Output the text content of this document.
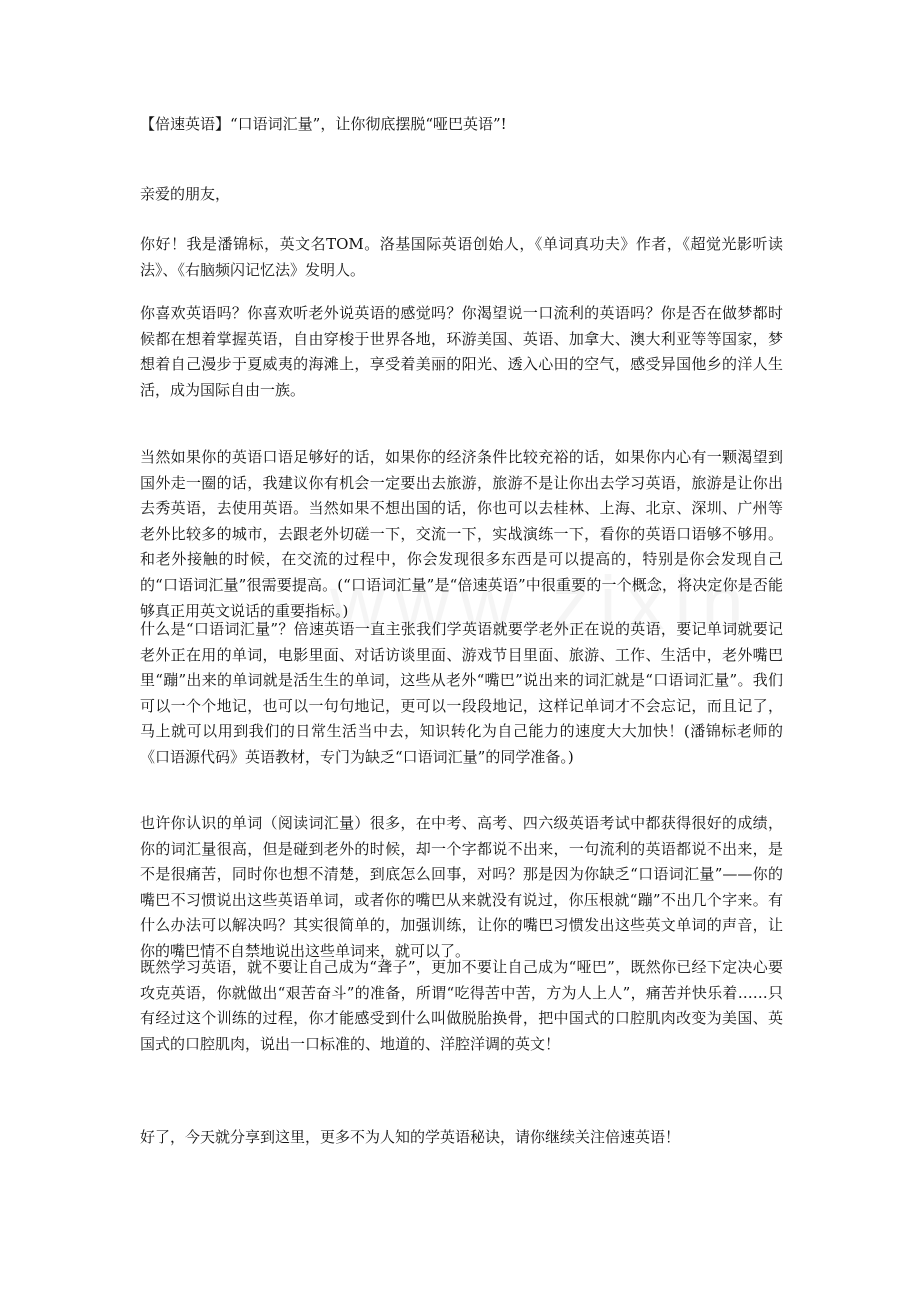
【倍速英语】“口语词汇量”，让你彻底摆脱“哑巴英语”!

亲爱的朋友，

你好！我是潘锦标，英文名TOM。洛基国际英语创始人，《单词真功夫》作者，《超觉光影听读法》、《右脑频闪记忆法》发明人。

你喜欢英语吗？你喜欢听老外说英语的感觉吗？你渴望说一口流利的英语吗？你是否在做梦都时候都在想着掌握英语，自由穿梭于世界各地，环游美国、英语、加拿大、澳大利亚等等国家，梦想着自己漫步于夏威夷的海滩上，享受着美丽的阳光、透入心田的空气，感受异国他乡的洋人生活，成为国际自由一族。

当然如果你的英语口语足够好的话，如果你的经济条件比较充裕的话，如果你内心有一颗渴望到国外走一圈的话，我建议你有机会一定要出去旅游，旅游不是让你出去学习英语，旅游是让你出去秀英语，去使用英语。当然如果不想出国的话，你也可以去桂林、上海、北京、深圳、广州等老外比较多的城市，去跟老外切磋一下，交流一下，实战演练一下，看你的英语口语够不够用。和老外接触的时候，在交流的过程中，你会发现很多东西是可以提高的，特别是你会发现自己的“口语词汇量”很需要提高。(“口语词汇量”是“倍速英语”中很重要的一个概念，将决定你是否能够真正用英文说话的重要指标。)

什么是“口语词汇量”？倍速英语一直主张我们学英语就要学老外正在说的英语，要记单词就要记老外正在用的单词，电影里面、对话访谈里面、游戏节目里面、旅游、工作、生活中，老外嘴巴里“蹦”出来的单词就是活生生的单词，这些从老外“嘴巴”说出来的词汇就是“口语词汇量”。我们可以一个个地记，也可以一句句地记，更可以一段段地记，这样记单词才不会忘记，而且记了，马上就可以用到我们的日常生活当中去，知识转化为自己能力的速度大大加快！(潘锦标老师的《口语源代码》英语教材，专门为缺乏“口语词汇量”的同学准备。)

也许你认识的单词（阅读词汇量）很多，在中考、高考、四六级英语考试中都获得很好的成绩，你的词汇量很高，但是碰到老外的时候，却一个字都说不出来，一句流利的英语都说不出来，是不是很痛苦，同时你也想不清楚，到底怎么回事，对吗？那是因为你缺乏“口语词汇量”——你的嘴巴不习惯说出这些英语单词，或者你的嘴巴从来就没有说过，你压根就“蹦”不出几个字来。有什么办法可以解决吗？其实很简单的，加强训练，让你的嘴巴习惯发出这些英文单词的声音，让你的嘴巴情不自禁地说出这些单词来，就可以了。

既然学习英语，就不要让自己成为“聋子”，更加不要让自己成为“哑巴”，既然你已经下定决心要攻克英语，你就做出“艰苦奋斗”的准备，所谓“吃得苦中苦，方为人上人”，痛苦并快乐着……只有经过这个训练的过程，你才能感受到什么叫做脱胎换骨，把中国式的口腔肌肉改变为美国、英国式的口腔肌肉，说出一口标准的、地道的、洋腔洋调的英文！

好了，今天就分享到这里，更多不为人知的学英语秘诀，请你继续关注倍速英语！
